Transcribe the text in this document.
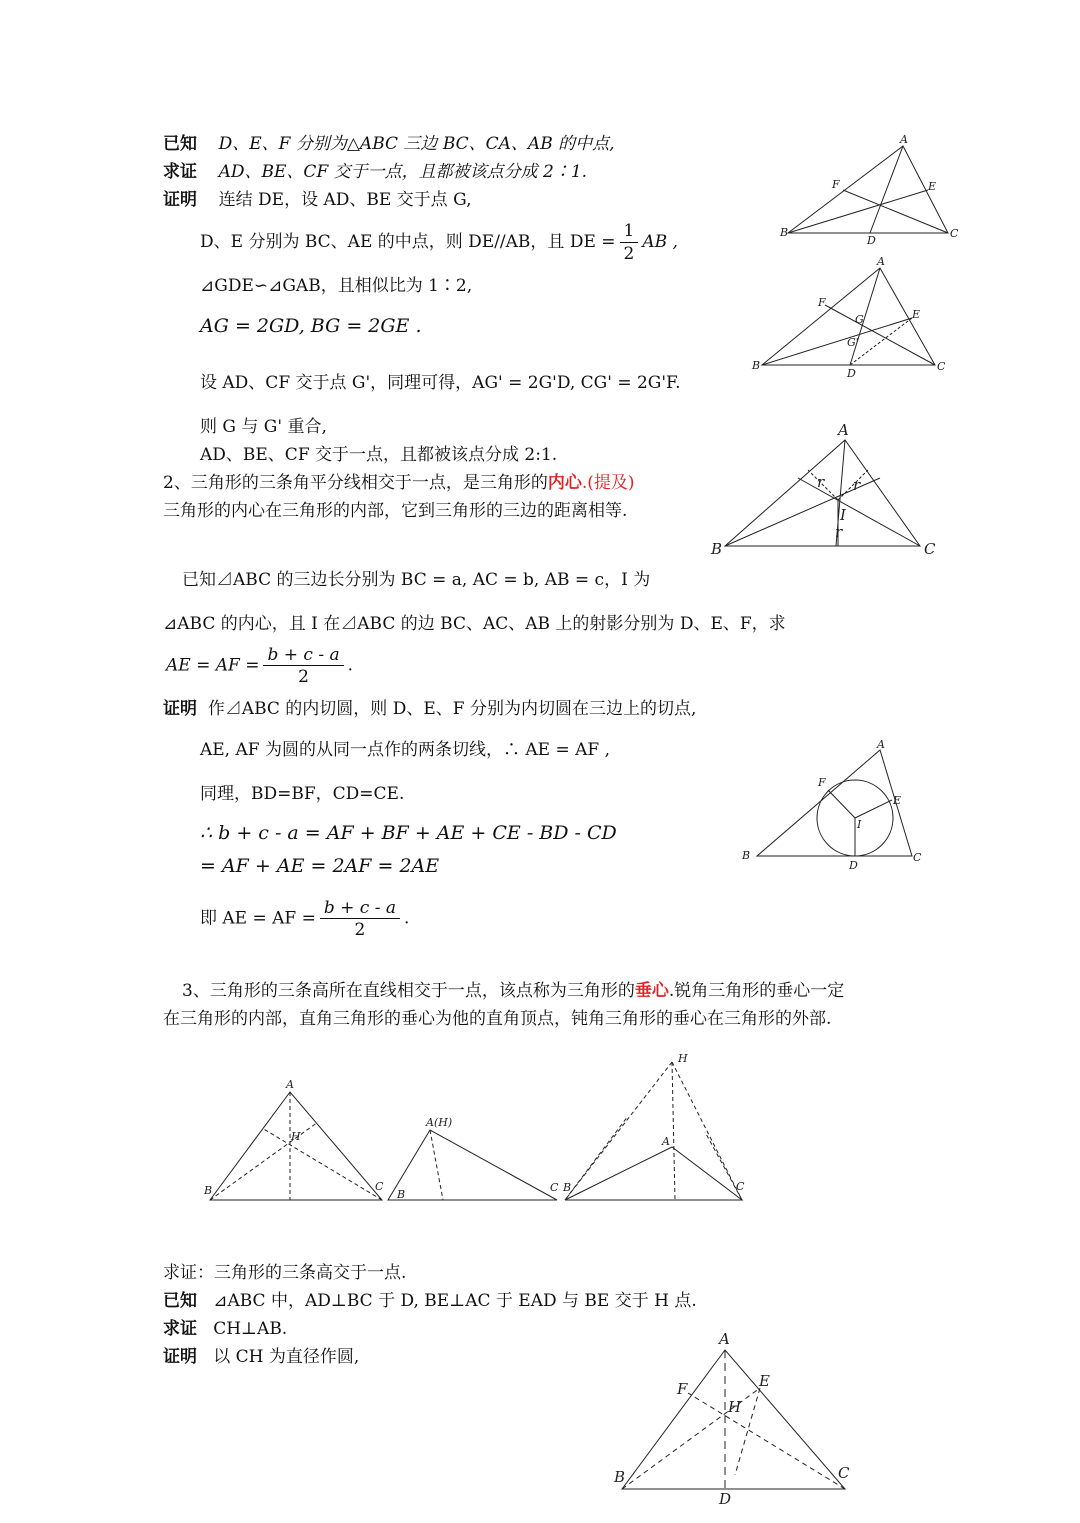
已知 D、E、F 分别为△ABC 三边 BC、CA、AB 的中点,
求证 AD、BE、CF 交于一点，且都被该点分成 2∶1.
证明 连结 DE，设 AD、BE 交于点 G,
D、E 分别为 BC、AE 的中点，则 DE//AB，且 DE = $\frac{1}{2}$ AB ,
⊿GDE∽⊿GAB，且相似比为 1∶2,
AG = 2GD, BG = 2GE .
设 AD、CF 交于点 G'，同理可得，AG' = 2G'D, CG' = 2G'F.
则 G 与 G' 重合,
AD、BE、CF 交于一点，且都被该点分成 2:1.
2、三角形的三条角平分线相交于一点，是三角形的内心.(提及)
三角形的内心在三角形的内部，它到三角形的三边的距离相等.
已知⊿ABC 的三边长分别为 BC = a, AC = b, AB = c，I 为
⊿ABC 的内心，且 I 在⊿ABC 的边 BC、AC、AB 上的射影分别为 D、E、F，求
AE = AF = $\frac{b + c - a}{2}$ .
证明 作⊿ABC 的内切圆，则 D、E、F 分别为内切圆在三边上的切点,
AE, AF 为圆的从同一点作的两条切线，∴ AE = AF ,
同理，BD=BF，CD=CE.
∴ b + c - a = AF + BF + AE + CE - BD - CD
= AF + AE = 2AF = 2AE
即 AE = AF = $\frac{b + c - a}{2}$ .
3、三角形的三条高所在直线相交于一点，该点称为三角形的垂心.锐角三角形的垂心一定
在三角形的内部，直角三角形的垂心为他的直角顶点，钝角三角形的垂心在三角形的外部.
求证：三角形的三条高交于一点.
已知 ⊿ABC 中，AD⊥BC 于 D, BE⊥AC 于 EAD 与 BE 交于 H 点.
求证 CH⊥AB.
证明 以 CH 为直径作圆,
A
B	C
D
E
F
A
B	C
D
E
F
G
G'
A
B	C
I
r r
r
A
B	C
D
E
F
I
A
B	C
H
A(H)
B
C
H
A
B	C
A
B	C
D
E
F
H
